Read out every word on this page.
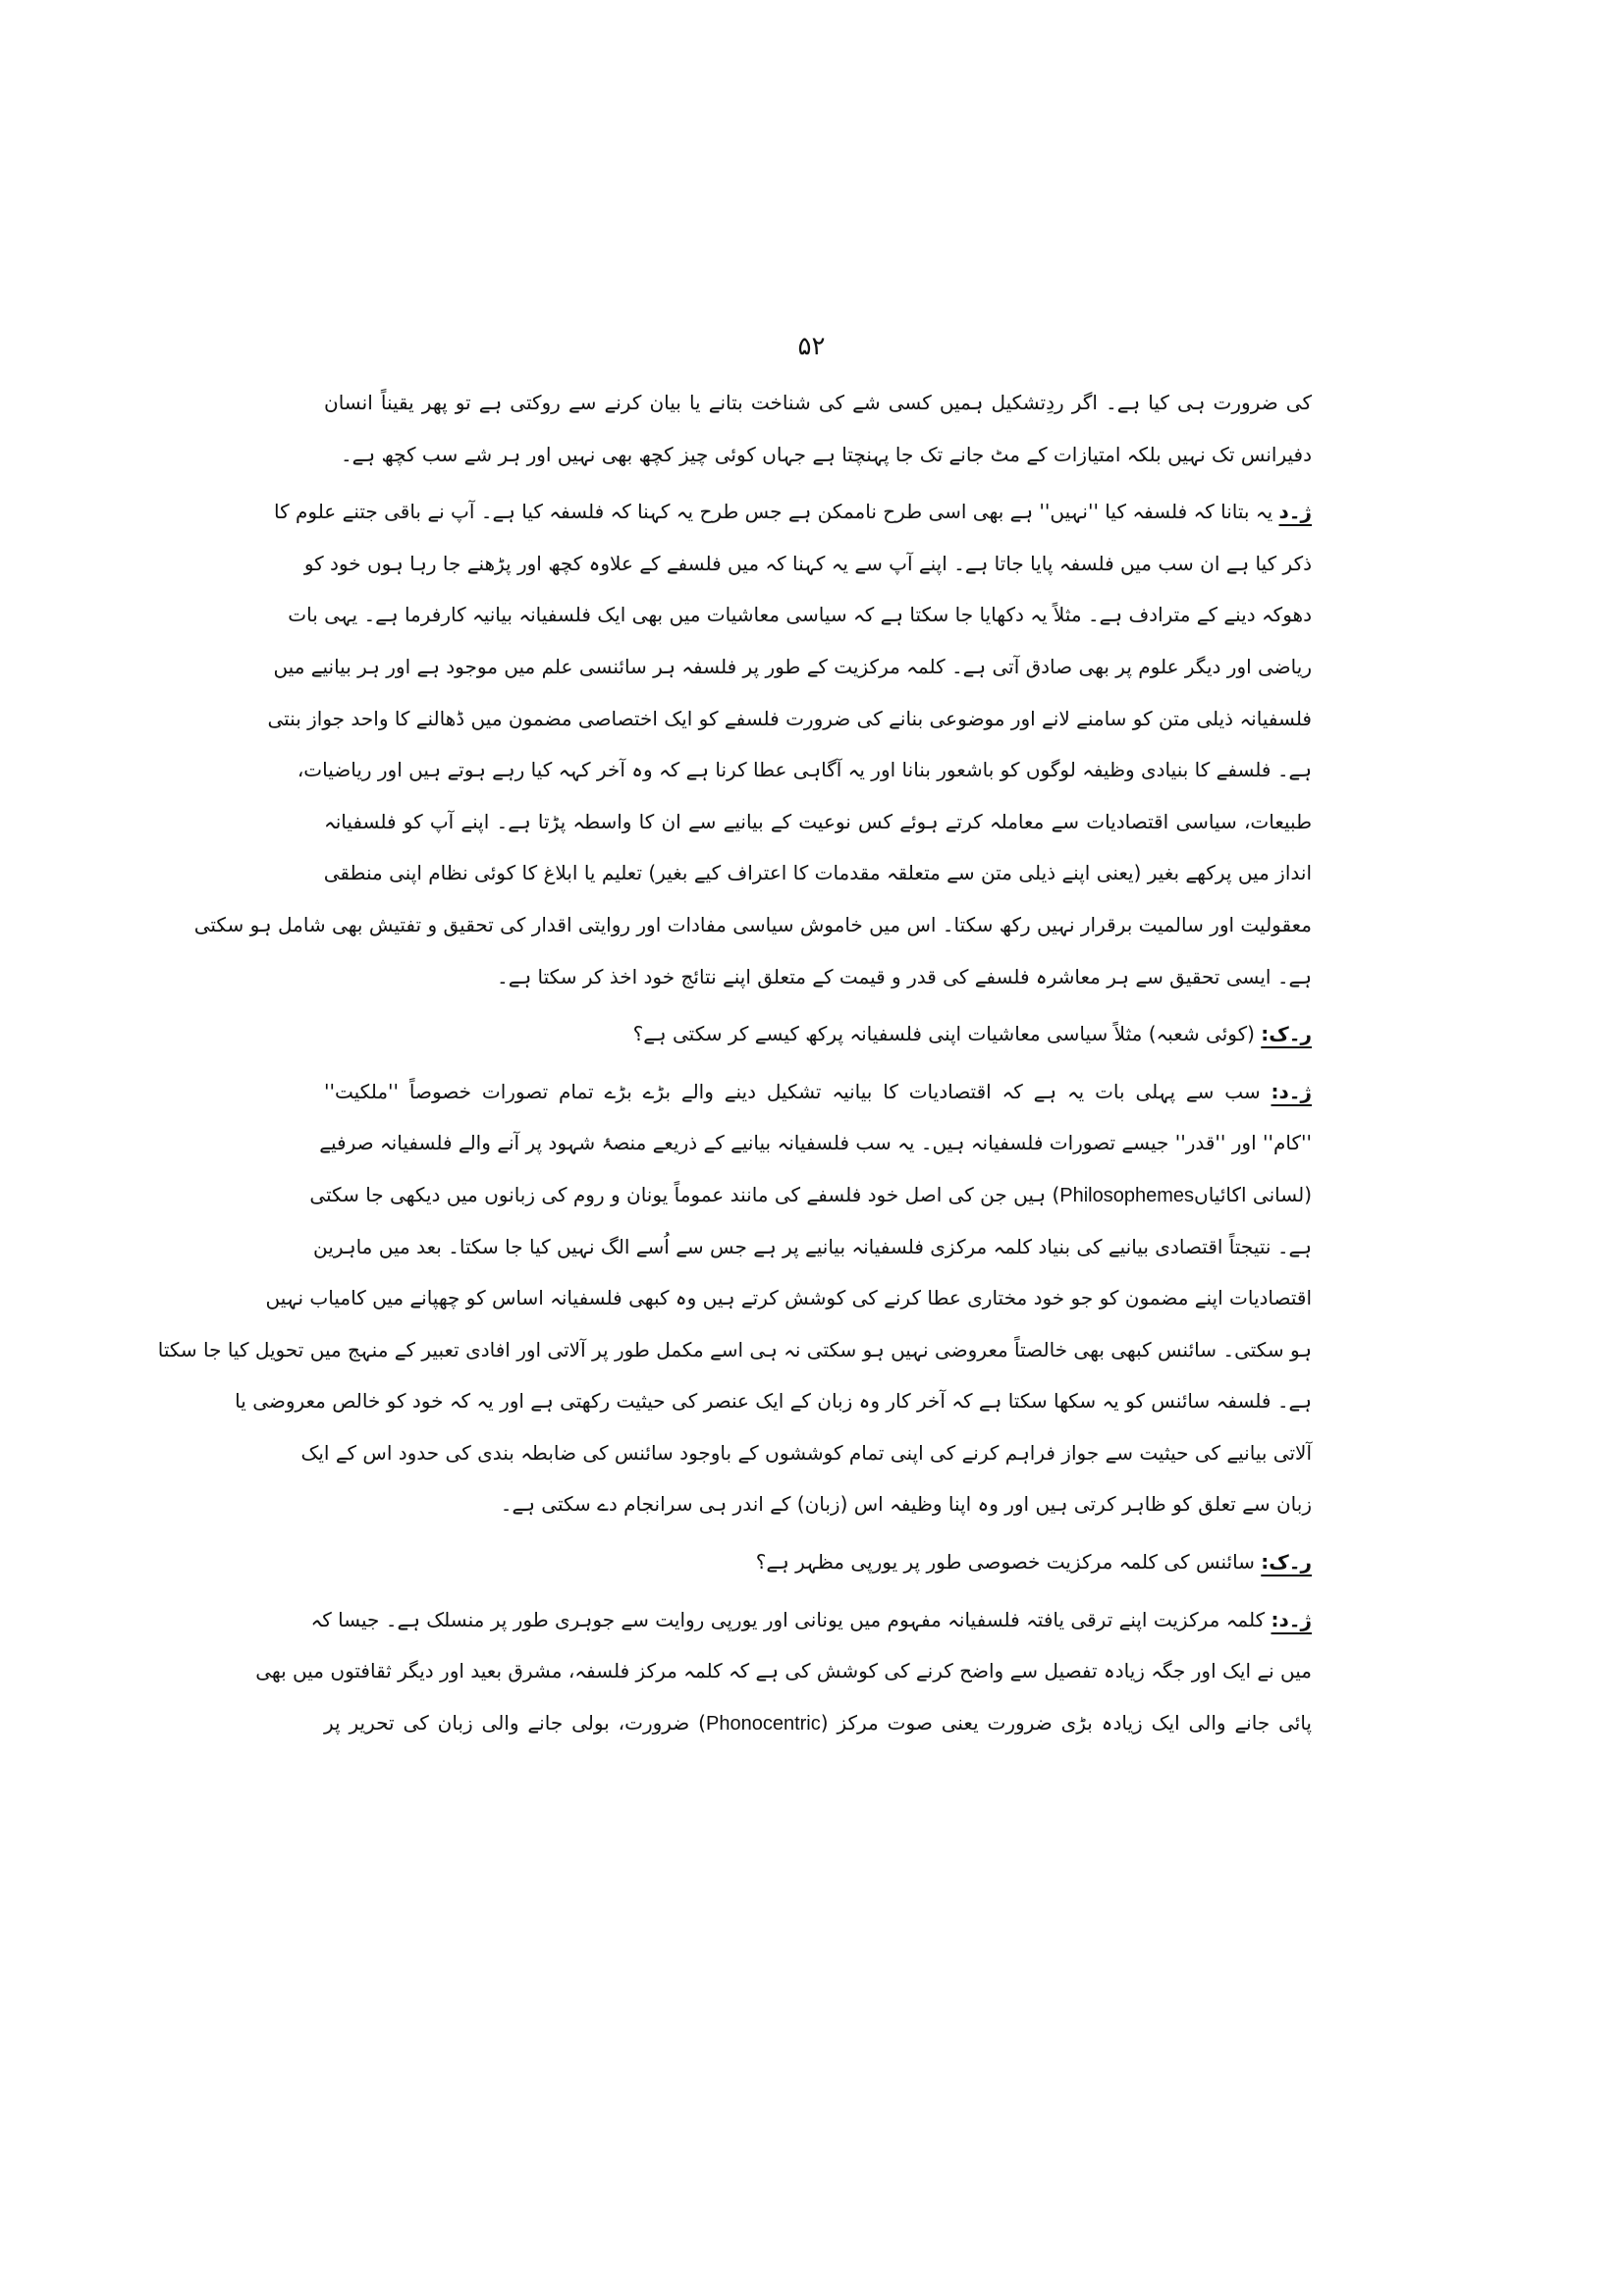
۵۲
کی ضرورت ہی کیا ہے۔ اگر ردِتشکیل ہمیں کسی شے کی شناخت بتانے یا بیان کرنے سے روکتی ہے تو پھر یقیناً انسان
دفیرانس تک نہیں بلکہ امتیازات کے مٹ جانے تک جا پہنچتا ہے جہاں کوئی چیز کچھ بھی نہیں اور ہر شے سب کچھ ہے۔
ژ۔د یہ بتانا کہ فلسفہ کیا ''نہیں'' ہے بھی اسی طرح ناممکن ہے جس طرح یہ کہنا کہ فلسفہ کیا ہے۔ آپ نے باقی جتنے علوم کا
ذکر کیا ہے ان سب میں فلسفہ پایا جاتا ہے۔ اپنے آپ سے یہ کہنا کہ میں فلسفے کے علاوہ کچھ اور پڑھنے جا رہا ہوں خود کو
دھوکہ دینے کے مترادف ہے۔ مثلاً یہ دکھایا جا سکتا ہے کہ سیاسی معاشیات میں بھی ایک فلسفیانہ بیانیہ کارفرما ہے۔ یہی بات
ریاضی اور دیگر علوم پر بھی صادق آتی ہے۔ کلمہ مرکزیت کے طور پر فلسفہ ہر سائنسی علم میں موجود ہے اور ہر بیانیے میں
فلسفیانہ ذیلی متن کو سامنے لانے اور موضوعی بنانے کی ضرورت فلسفے کو ایک اختصاصی مضمون میں ڈھالنے کا واحد جواز بنتی
ہے۔ فلسفے کا بنیادی وظیفہ لوگوں کو باشعور بنانا اور یہ آگاہی عطا کرنا ہے کہ وہ آخر کہہ کیا رہے ہوتے ہیں اور ریاضیات،
طبیعات، سیاسی اقتصادیات سے معاملہ کرتے ہوئے کس نوعیت کے بیانیے سے ان کا واسطہ پڑتا ہے۔ اپنے آپ کو فلسفیانہ
انداز میں پرکھے بغیر (یعنی اپنے ذیلی متن سے متعلقہ مقدمات کا اعتراف کیے بغیر) تعلیم یا ابلاغ کا کوئی نظام اپنی منطقی
معقولیت اور سالمیت برقرار نہیں رکھ سکتا۔ اس میں خاموش سیاسی مفادات اور روایتی اقدار کی تحقیق و تفتیش بھی شامل ہو سکتی
ہے۔ ایسی تحقیق سے ہر معاشرہ فلسفے کی قدر و قیمت کے متعلق اپنے نتائج خود اخذ کر سکتا ہے۔
ر۔ک: (کوئی شعبہ) مثلاً سیاسی معاشیات اپنی فلسفیانہ پرکھ کیسے کر سکتی ہے؟
ژ۔د: سب سے پہلی بات یہ ہے کہ اقتصادیات کا بیانیہ تشکیل دینے والے بڑے بڑے تمام تصورات خصوصاً ''ملکیت''
''کام'' اور ''قدر'' جیسے تصورات فلسفیانہ ہیں۔ یہ سب فلسفیانہ بیانیے کے ذریعے منصۂ شہود پر آنے والے فلسفیانہ صرفیے
(لسانی اکائیاںPhilosophemes) ہیں جن کی اصل خود فلسفے کی مانند عموماً یونان و روم کی زبانوں میں دیکھی جا سکتی
ہے۔ نتیجتاً اقتصادی بیانیے کی بنیاد کلمہ مرکزی فلسفیانہ بیانیے پر ہے جس سے اُسے الگ نہیں کیا جا سکتا۔ بعد میں ماہرین
اقتصادیات اپنے مضمون کو جو خود مختاری عطا کرنے کی کوشش کرتے ہیں وہ کبھی فلسفیانہ اساس کو چھپانے میں کامیاب نہیں
ہو سکتی۔ سائنس کبھی بھی خالصتاً معروضی نہیں ہو سکتی نہ ہی اسے مکمل طور پر آلاتی اور افادی تعبیر کے منہج میں تحویل کیا جا سکتا
ہے۔ فلسفہ سائنس کو یہ سکھا سکتا ہے کہ آخر کار وہ زبان کے ایک عنصر کی حیثیت رکھتی ہے اور یہ کہ خود کو خالص معروضی یا
آلاتی بیانیے کی حیثیت سے جواز فراہم کرنے کی اپنی تمام کوششوں کے باوجود سائنس کی ضابطہ بندی کی حدود اس کے ایک
زبان سے تعلق کو ظاہر کرتی ہیں اور وہ اپنا وظیفہ اس (زبان) کے اندر ہی سرانجام دے سکتی ہے۔
ر۔ک: سائنس کی کلمہ مرکزیت خصوصی طور پر یورپی مظہر ہے؟
ژ۔د: کلمہ مرکزیت اپنے ترقی یافتہ فلسفیانہ مفہوم میں یونانی اور یورپی روایت سے جوہری طور پر منسلک ہے۔ جیسا کہ
میں نے ایک اور جگہ زیادہ تفصیل سے واضح کرنے کی کوشش کی ہے کہ کلمہ مرکز فلسفہ، مشرق بعید اور دیگر ثقافتوں میں بھی
پائی جانے والی ایک زیادہ بڑی ضرورت یعنی صوت مرکز (Phonocentric) ضرورت، بولی جانے والی زبان کی تحریر پر
